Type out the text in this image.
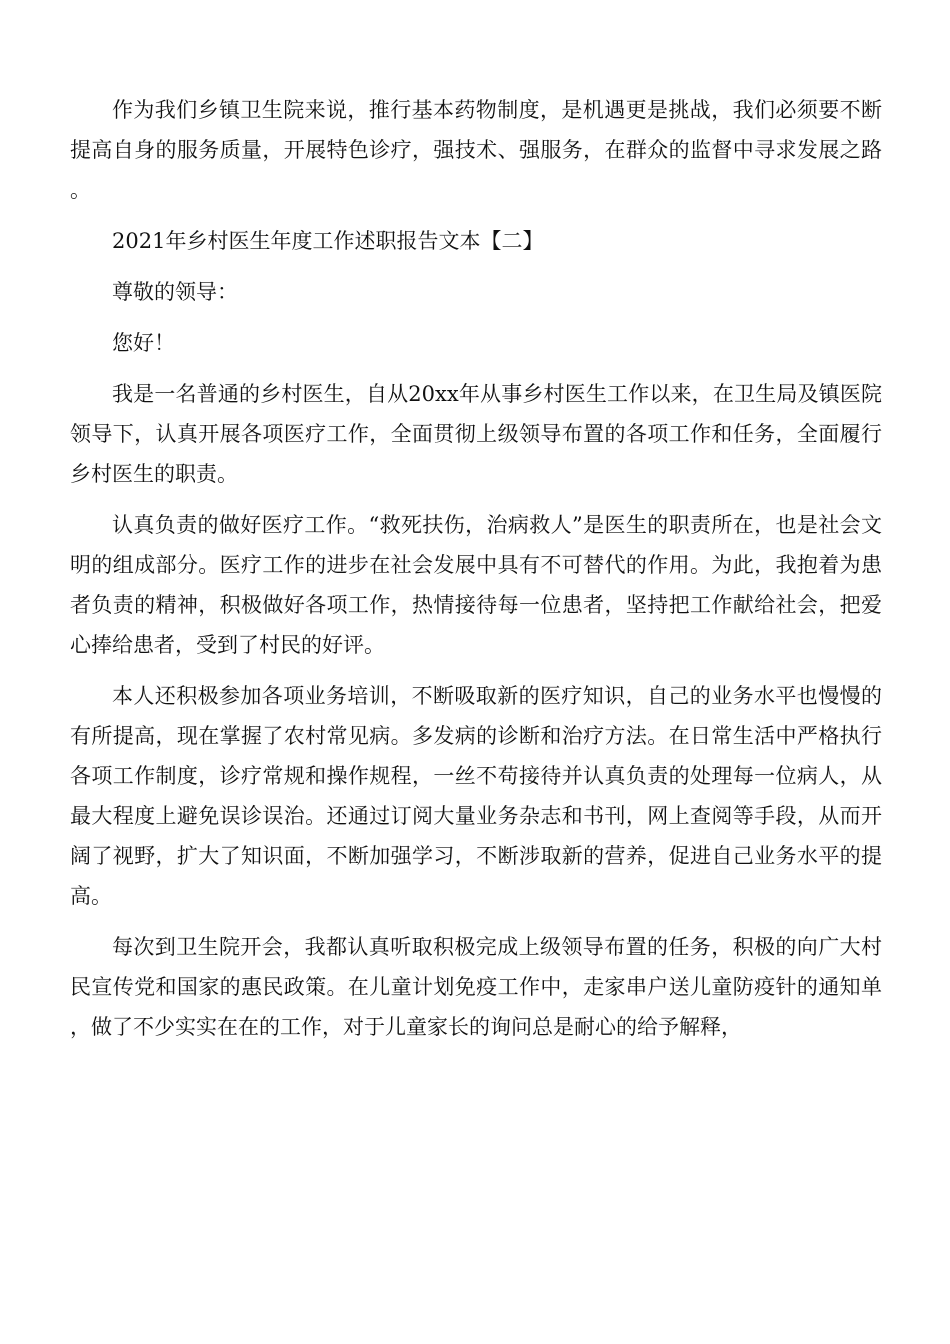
作为我们乡镇卫生院来说，推行基本药物制度，是机遇更是挑战，我们必须要不断提高自身的服务质量，开展特色诊疗，强技术、强服务，在群众的监督中寻求发展之路。

2021年乡村医生年度工作述职报告文本【二】

尊敬的领导：

您好！

我是一名普通的乡村医生，自从20xx年从事乡村医生工作以来，在卫生局及镇医院领导下，认真开展各项医疗工作，全面贯彻上级领导布置的各项工作和任务，全面履行乡村医生的职责。

认真负责的做好医疗工作。“救死扶伤，治病救人”是医生的职责所在，也是社会文明的组成部分。医疗工作的进步在社会发展中具有不可替代的作用。为此，我抱着为患者负责的精神，积极做好各项工作，热情接待每一位患者，坚持把工作献给社会，把爱心捧给患者，受到了村民的好评。

本人还积极参加各项业务培训，不断吸取新的医疗知识，自己的业务水平也慢慢的有所提高，现在掌握了农村常见病。多发病的诊断和治疗方法。在日常生活中严格执行各项工作制度，诊疗常规和操作规程，一丝不苟接待并认真负责的处理每一位病人，从最大程度上避免误诊误治。还通过订阅大量业务杂志和书刊，网上查阅等手段，从而开阔了视野，扩大了知识面，不断加强学习，不断涉取新的营养，促进自己业务水平的提高。

每次到卫生院开会，我都认真听取积极完成上级领导布置的任务，积极的向广大村民宣传党和国家的惠民政策。在儿童计划免疫工作中，走家串户送儿童防疫针的通知单，做了不少实实在在的工作，对于儿童家长的询问总是耐心的给予解释，
